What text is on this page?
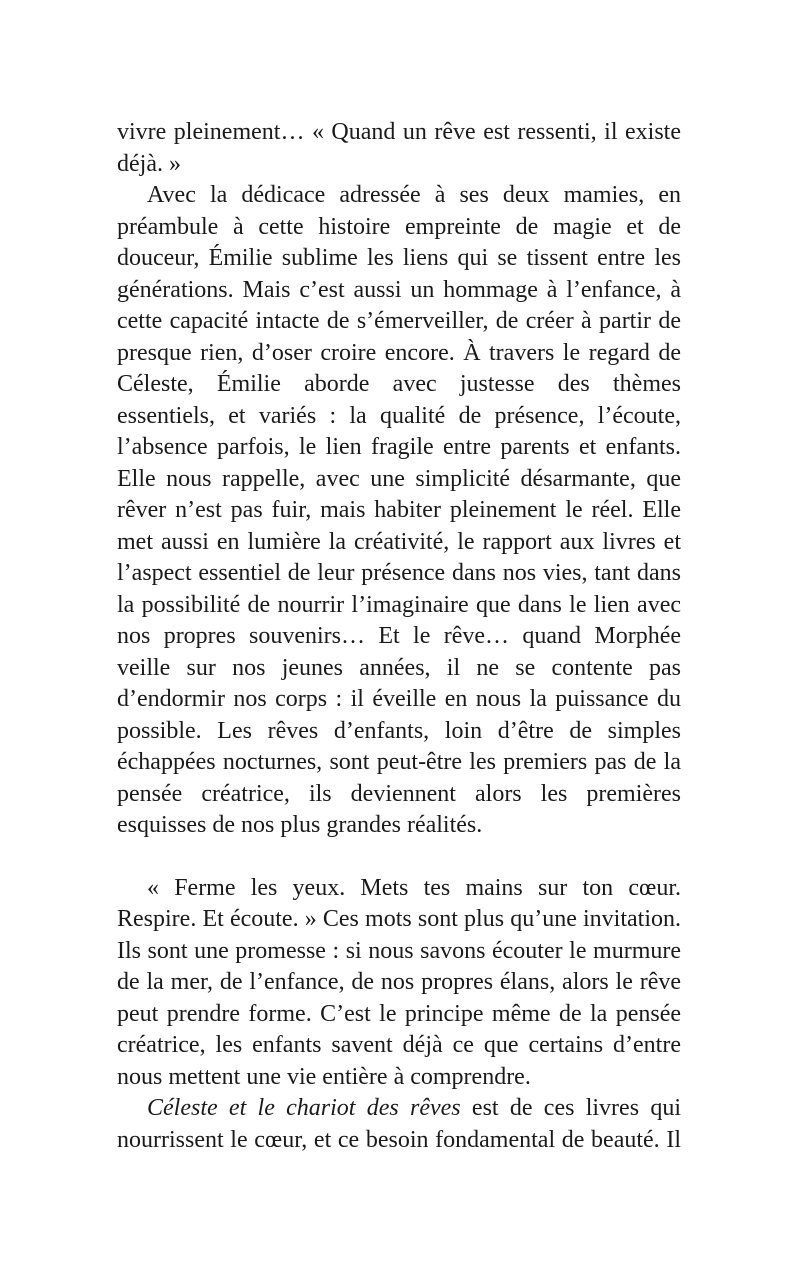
vivre pleinement… « Quand un rêve est ressenti, il existe déjà. »

Avec la dédicace adressée à ses deux mamies, en préambule à cette histoire empreinte de magie et de douceur, Émilie sublime les liens qui se tissent entre les générations. Mais c’est aussi un hommage à l’enfance, à cette capacité intacte de s’émerveiller, de créer à partir de presque rien, d’oser croire encore. À travers le regard de Céleste, Émilie aborde avec justesse des thèmes essentiels, et variés : la qualité de présence, l’écoute, l’absence parfois, le lien fragile entre parents et enfants. Elle nous rappelle, avec une simplicité désarmante, que rêver n’est pas fuir, mais habiter pleinement le réel. Elle met aussi en lumière la créativité, le rapport aux livres et l’aspect essentiel de leur présence dans nos vies, tant dans la possibilité de nourrir l’imaginaire que dans le lien avec nos propres souvenirs… Et le rêve… quand Morphée veille sur nos jeunes années, il ne se contente pas d’endormir nos corps : il éveille en nous la puissance du possible. Les rêves d’enfants, loin d’être de simples échappées nocturnes, sont peut-être les premiers pas de la pensée créatrice, ils deviennent alors les premières esquisses de nos plus grandes réalités.

« Ferme les yeux. Mets tes mains sur ton cœur. Respire. Et écoute. » Ces mots sont plus qu’une invitation. Ils sont une promesse : si nous savons écouter le murmure de la mer, de l’enfance, de nos propres élans, alors le rêve peut prendre forme. C’est le principe même de la pensée créatrice, les enfants savent déjà ce que certains d’entre nous mettent une vie entière à comprendre.

Céleste et le chariot des rêves est de ces livres qui nourrissent le cœur, et ce besoin fondamental de beauté. Il
